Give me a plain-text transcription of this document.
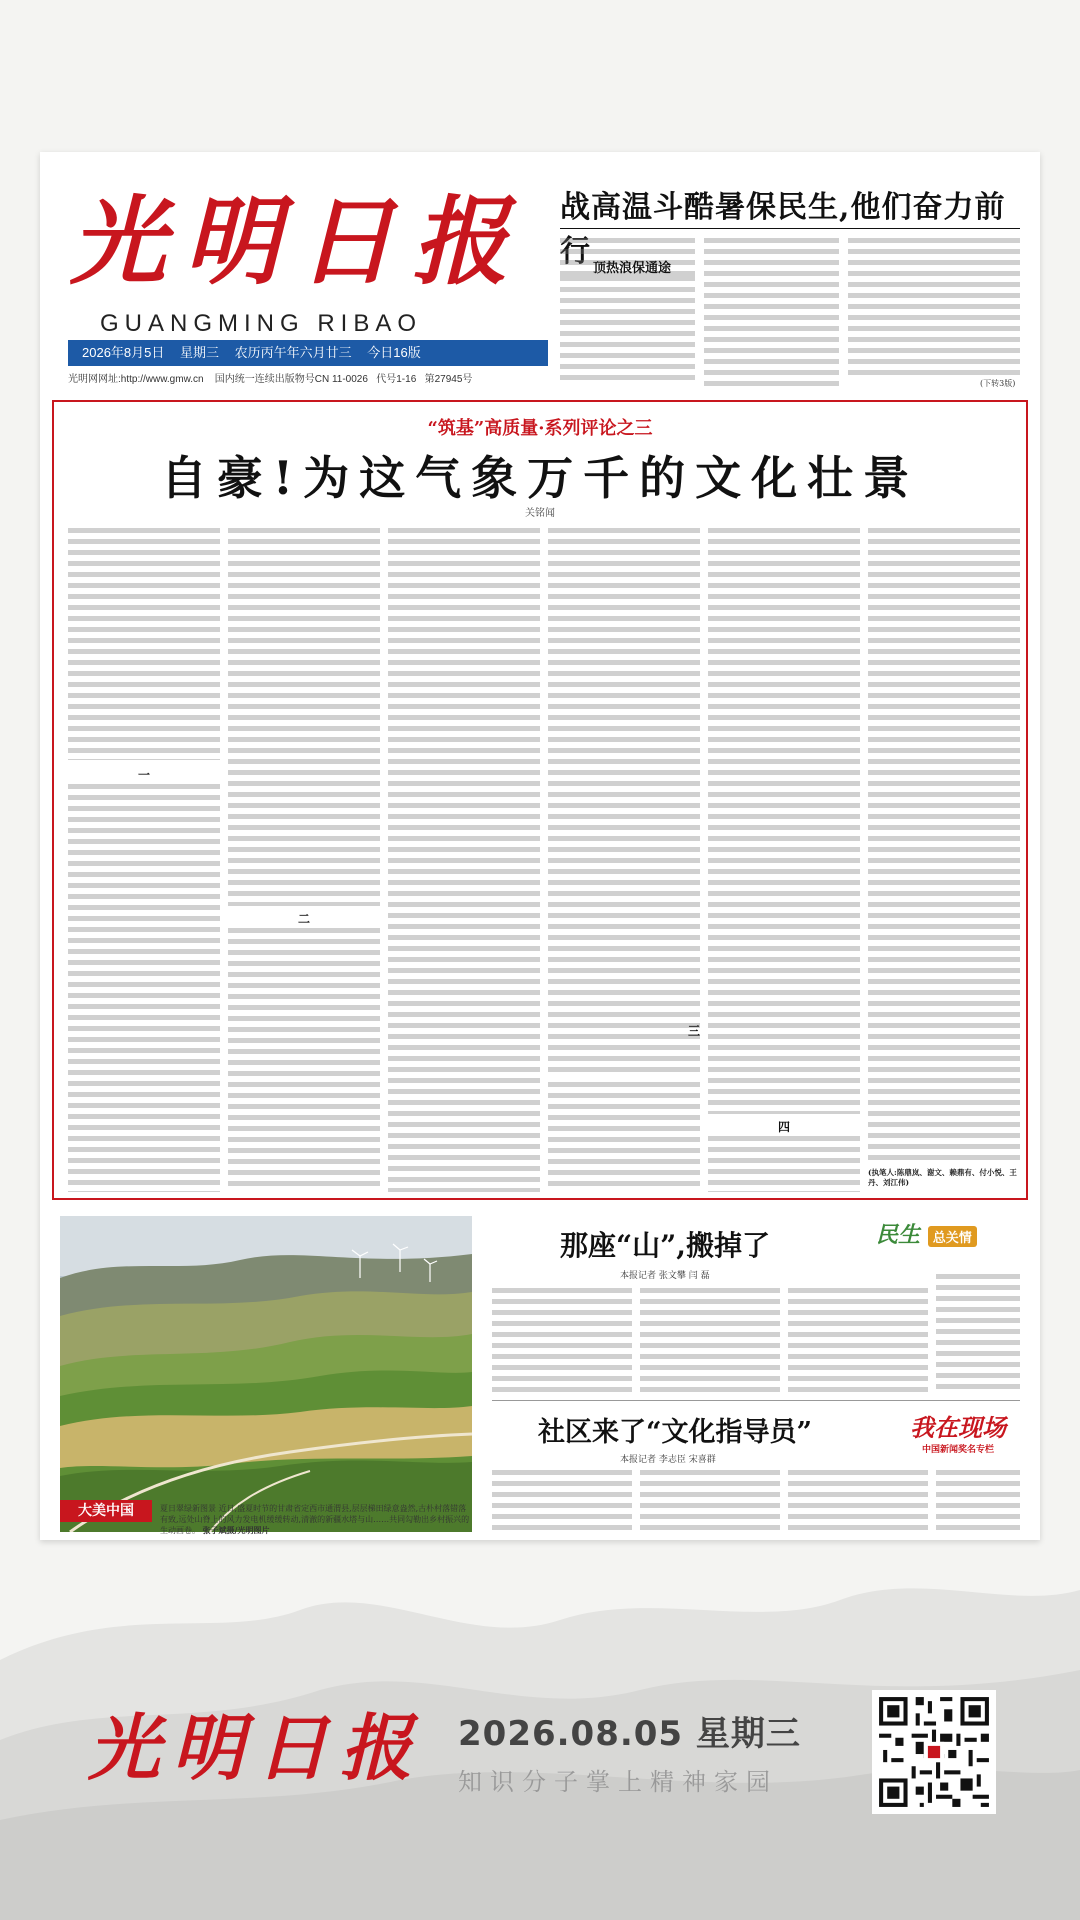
光明日报
GUANGMING RIBAO
2026年8月5日 星期三 农历丙午年六月廿三 今日16版
光明网网址:http://www.gmw.cn 国内统一连续出版物号CN 11-0026 代号1-16 第27945号
战高温斗酷暑保民生,他们奋力前行 顶热浪保通途
(下转3版)
“筑基”高质量·系列评论之三
自豪!为这气象万千的文化壮景
关铭闻
一
二
三
四
(执笔人:陈鼎岚、谢文、赖鼎有、付小悦、王丹、刘江伟)
大美中国	夏日翠绿新图景 近日,盛夏时节的甘肃省定西市通渭县,层层梯田绿意盎然,古朴村落错落有致,远处山脊上的风力发电机缓缓转动,清澈的新疆水塔与山……共同勾勒出乡村振兴的生动画卷。 张子斌摄/光明图片
那座“山”,搬掉了
本报记者 张文攀 闫 磊
民生 总关情
社区来了“文化指导员”
本报记者 李志臣 宋喜群
我在现场
中国新闻奖名专栏
光明日报 2026.08.05 星期三
知识分子掌上精神家园
